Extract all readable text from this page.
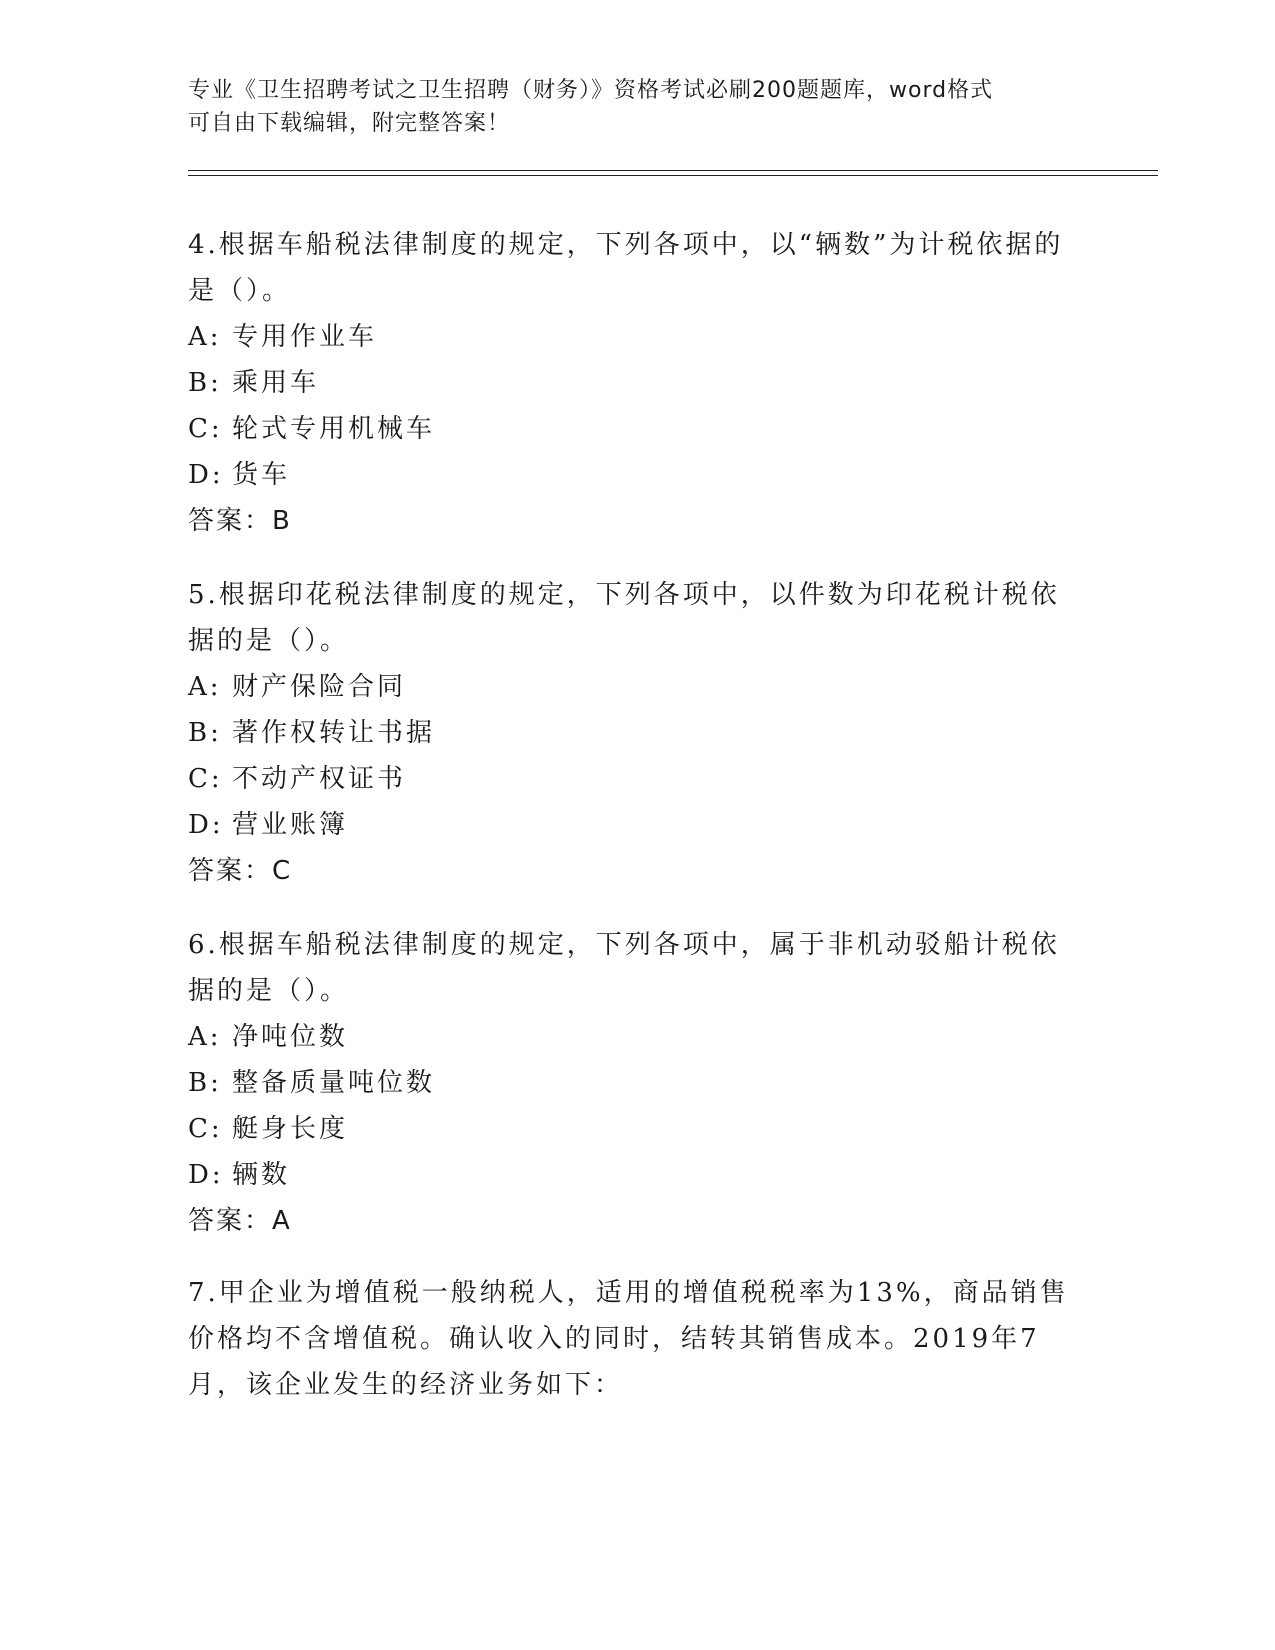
专业《卫生招聘考试之卫生招聘（财务）》资格考试必刷200题题库，word格式
可自由下载编辑，附完整答案！

4.根据车船税法律制度的规定，下列各项中，以“辆数”为计税依据的是（）。

A: 专用作业车

B: 乘用车

C: 轮式专用机械车

D: 货车

答案：B

5.根据印花税法律制度的规定，下列各项中，以件数为印花税计税依据的是（）。

A: 财产保险合同

B: 著作权转让书据

C: 不动产权证书

D: 营业账簿

答案：C

6.根据车船税法律制度的规定，下列各项中，属于非机动驳船计税依据的是（）。

A: 净吨位数

B: 整备质量吨位数

C: 艇身长度

D: 辆数

答案：A

7.甲企业为增值税一般纳税人，适用的增值税税率为13%，商品销售价格均不含增值税。确认收入的同时，结转其销售成本。2019年7月，该企业发生的经济业务如下：
